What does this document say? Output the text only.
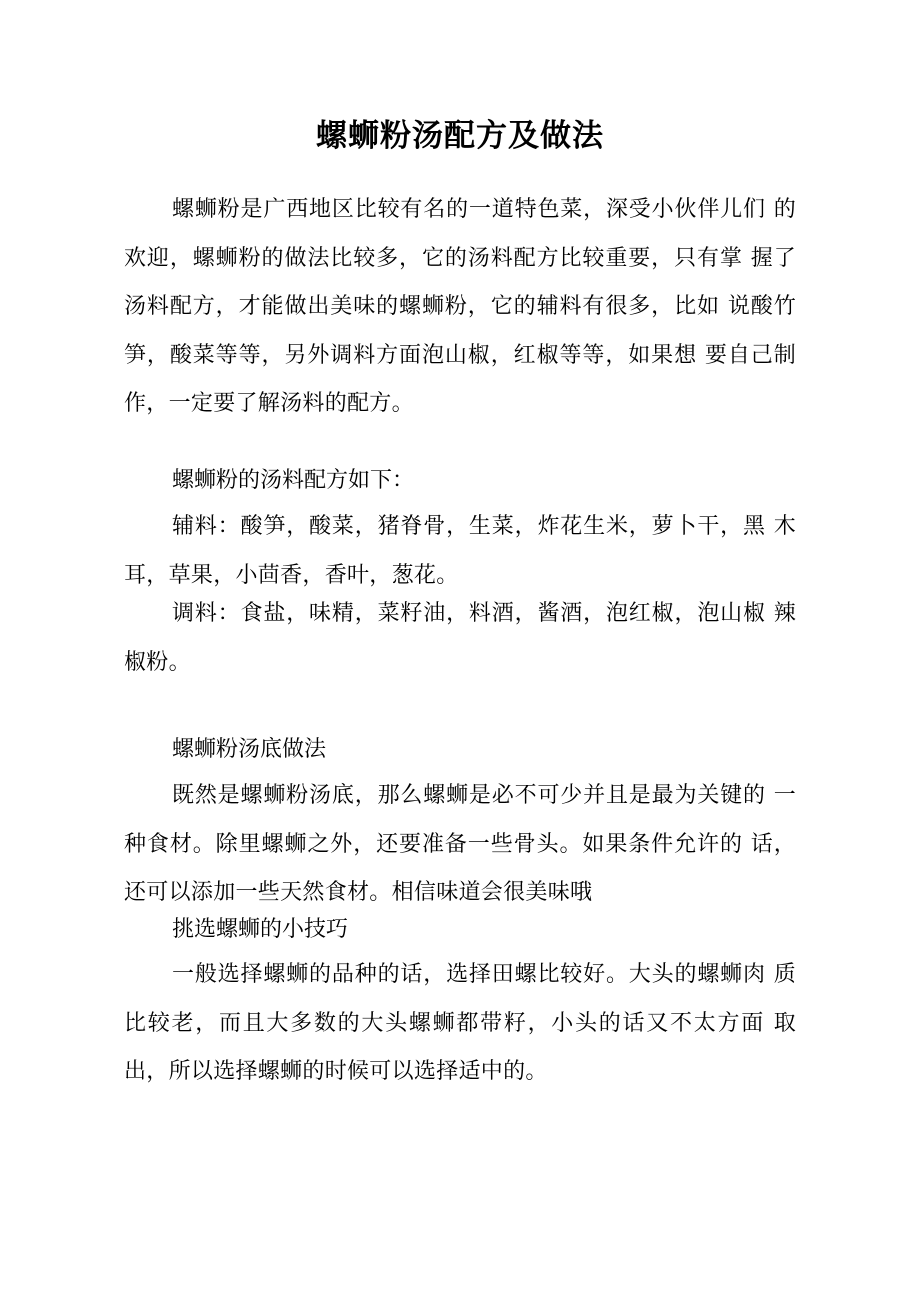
螺蛳粉汤配方及做法

螺蛳粉是广西地区比较有名的一道特色菜，深受小伙伴儿们 的欢迎，螺蛳粉的做法比较多，它的汤料配方比较重要，只有掌 握了汤料配方，才能做出美味的螺蛳粉，它的辅料有很多，比如 说酸竹笋，酸菜等等，另外调料方面泡山椒，红椒等等，如果想 要自己制作，一定要了解汤料的配方。

螺蛳粉的汤料配方如下：

辅料：酸笋，酸菜，猪脊骨，生菜，炸花生米，萝卜干，黑 木耳，草果，小茴香，香叶，葱花。

调料：食盐，味精，菜籽油，料酒，酱酒，泡红椒，泡山椒 辣椒粉。

螺蛳粉汤底做法

既然是螺蛳粉汤底，那么螺蛳是必不可少并且是最为关键的 一种食材。除里螺蛳之外，还要准备一些骨头。如果条件允许的 话，还可以添加一些天然食材。相信味道会很美味哦

挑选螺蛳的小技巧

一般选择螺蛳的品种的话，选择田螺比较好。大头的螺蛳肉 质比较老，而且大多数的大头螺蛳都带籽，小头的话又不太方面 取出，所以选择螺蛳的时候可以选择适中的。
